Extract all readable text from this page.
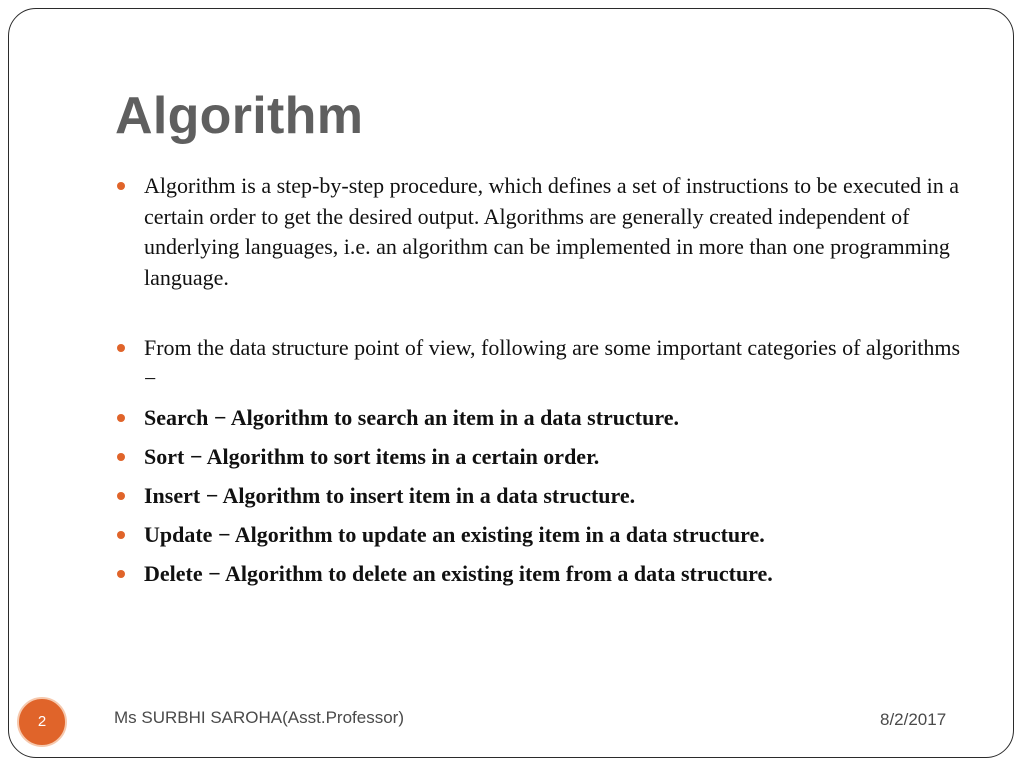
Algorithm
Algorithm is a step-by-step procedure, which defines a set of instructions to be executed in a certain order to get the desired output. Algorithms are generally created independent of underlying languages, i.e. an algorithm can be implemented in more than one programming language.
From the data structure point of view, following are some important categories of algorithms −
Search − Algorithm to search an item in a data structure.
Sort − Algorithm to sort items in a certain order.
Insert − Algorithm to insert item in a data structure.
Update − Algorithm to update an existing item in a data structure.
Delete − Algorithm to delete an existing item from a data structure.
2	Ms SURBHI SAROHA(Asst.Professor)	8/2/2017
